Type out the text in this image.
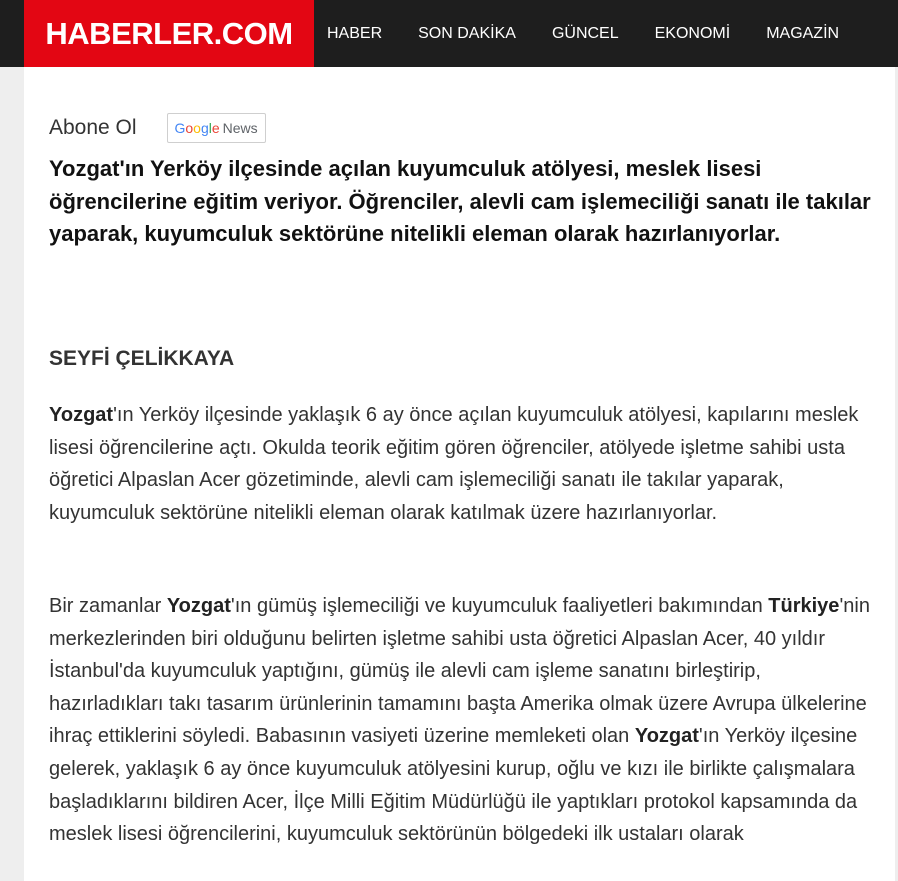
HABERLER.COM	HABER	SON DAKİKA	GÜNCEL	EKONOMİ	MAGAZİN
Abone Ol	Google News
Yozgat'ın Yerköy ilçesinde açılan kuyumculuk atölyesi, meslek lisesi öğrencilerine eğitim veriyor. Öğrenciler, alevli cam işlemeciliği sanatı ile takılar yaparak, kuyumculuk sektörüne nitelikli eleman olarak hazırlanıyorlar.
SEYFİ ÇELİKKAYA

Yozgat'ın Yerköy ilçesinde yaklaşık 6 ay önce açılan kuyumculuk atölyesi, kapılarını meslek lisesi öğrencilerine açtı. Okulda teorik eğitim gören öğrenciler, atölyede işletme sahibi usta öğretici Alpaslan Acer gözetiminde, alevli cam işlemeciliği sanatı ile takılar yaparak, kuyumculuk sektörüne nitelikli eleman olarak katılmak üzere hazırlanıyorlar.

Bir zamanlar Yozgat'ın gümüş işlemeciliği ve kuyumculuk faaliyetleri bakımından Türkiye'nin merkezlerinden biri olduğunu belirten işletme sahibi usta öğretici Alpaslan Acer, 40 yıldır İstanbul'da kuyumculuk yaptığını, gümüş ile alevli cam işleme sanatını birleştirip, hazırladıkları takı tasarım ürünlerinin tamamını başta Amerika olmak üzere Avrupa ülkelerine ihraç ettiklerini söyledi. Babasının vasiyeti üzerine memleketi olan Yozgat'ın Yerköy ilçesine gelerek, yaklaşık 6 ay önce kuyumculuk atölyesini kurup, oğlu ve kızı ile birlikte çalışmalara başladıklarını bildiren Acer, İlçe Milli Eğitim Müdürlüğü ile yaptıkları protokol kapsamında da meslek lisesi öğrencilerini, kuyumculuk sektörünün bölgedeki ilk ustaları olarak
